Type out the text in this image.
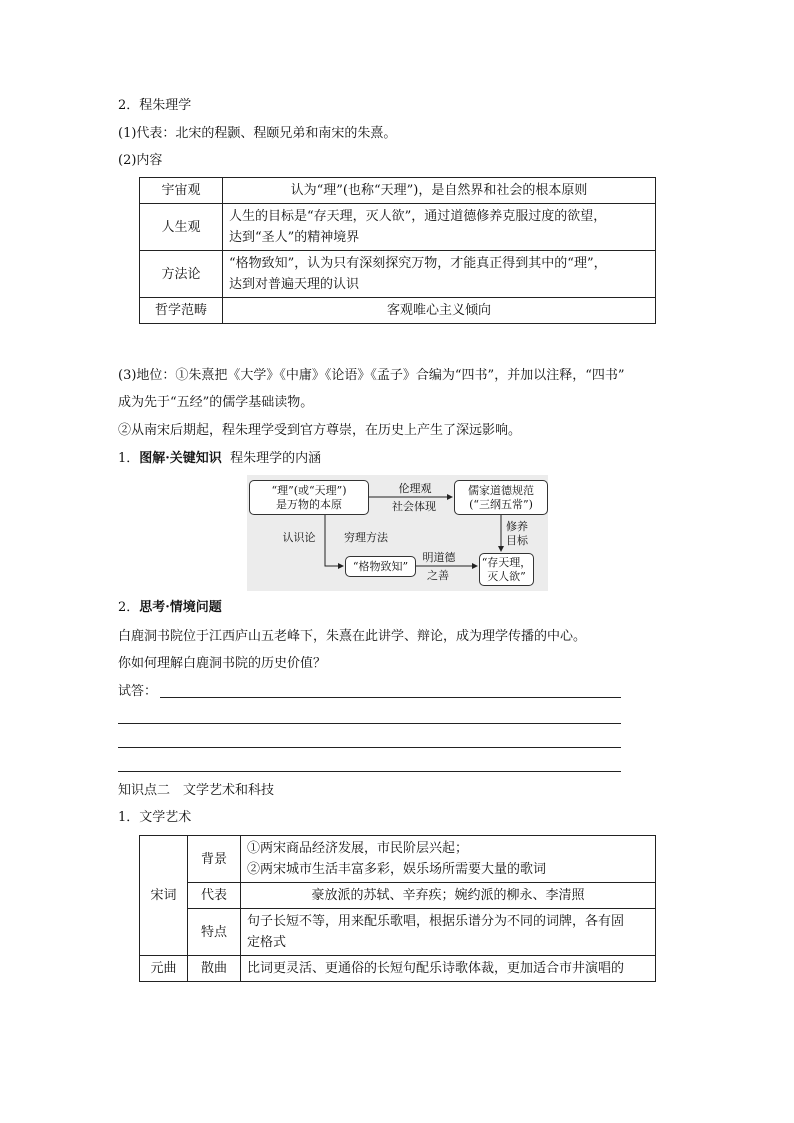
2．程朱理学
(1)代表：北宋的程颢、程颐兄弟和南宋的朱熹。
(2)内容
宇宙观	认为“理”(也称“天理”)，是自然界和社会的根本原则
人生观	人生的目标是“存天理，灭人欲”，通过道德修养克服过度的欲望，
达到“圣人”的精神境界
方法论	“格物致知”，认为只有深刻探究万物，才能真正得到其中的“理”，
达到对普遍天理的认识
哲学范畴	客观唯心主义倾向
(3)地位：①朱熹把《大学》《中庸》《论语》《孟子》合编为“四书”，并加以注释，“四书”
成为先于“五经”的儒学基础读物。
②从南宋后期起，程朱理学受到官方尊崇，在历史上产生了深远影响。
1．图解·关键知识 程朱理学的内涵
“理”(或“天理”)
是万物的本原
儒家道德规范
(“三纲五常”)
“格物致知”	“存天理，
灭人欲”
伦理观
社会体现
修养
目标
认识论	穷理方法
明道德
之善
2．思考·情境问题
白鹿洞书院位于江西庐山五老峰下，朱熹在此讲学、辩论，成为理学传播的中心。
你如何理解白鹿洞书院的历史价值？
试答：
知识点二　文学艺术和科技
1．文学艺术
宋词	背景	①两宋商品经济发展，市民阶层兴起；
②两宋城市生活丰富多彩，娱乐场所需要大量的歌词
	代表	豪放派的苏轼、辛弃疾；婉约派的柳永、李清照
	特点	句子长短不等，用来配乐歌唱，根据乐谱分为不同的词牌，各有固
定格式
元曲	散曲	比词更灵活、更通俗的长短句配乐诗歌体裁，更加适合市井演唱的
